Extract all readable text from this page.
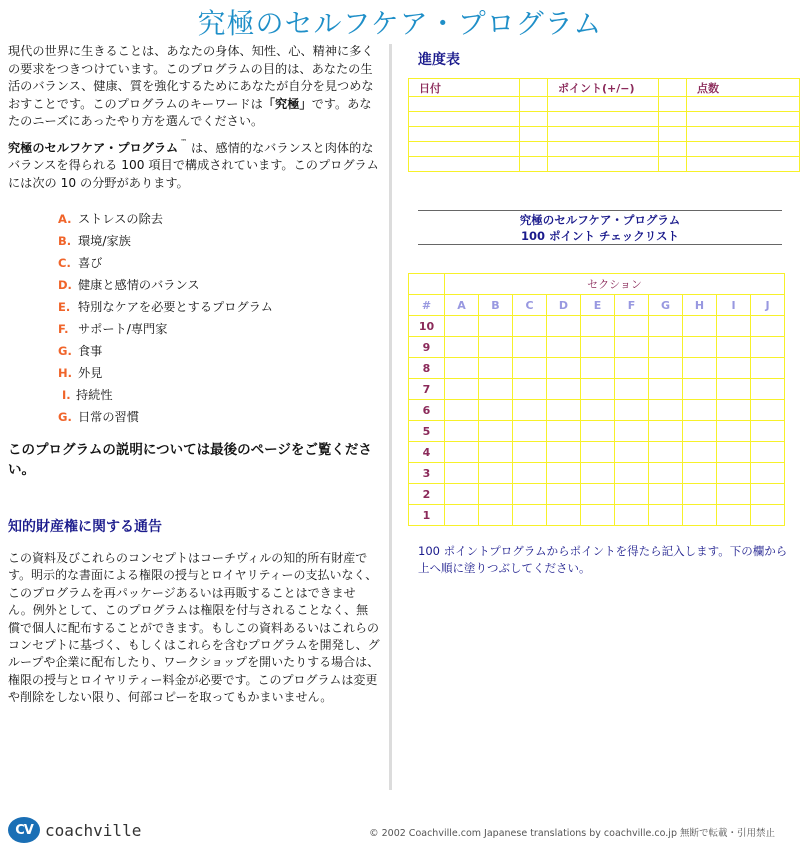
究極のセルフケア・プログラム

現代の世界に生きることは、あなたの身体、知性、心、精神に多くの要求をつきつけています。このプログラムの目的は、あなたの生活のバランス、健康、質を強化するためにあなたが自分を見つめなおすことです。このプログラムのキーワードは「究極」です。あなたのニーズにあったやり方を選んでください。

究極のセルフケア・プログラム ™ は、感情的なバランスと肉体的なバランスを得られる 100 項目で構成されています。このプログラムには次の 10 の分野があります。

A. ストレスの除去
B. 環境/家族
C. 喜び
D. 健康と感情のバランス
E. 特別なケアを必要とするプログラム
F. サポート/専門家
G. 食事
H. 外見
I. 持続性
G. 日常の習慣

このプログラムの説明については最後のページをご覧ください。

知的財産権に関する通告

この資料及びこれらのコンセプトはコーチヴィルの知的所有財産です。明示的な書面による権限の授与とロイヤリティーの支払いなく、このプログラムを再パッケージあるいは再販することはできません。例外として、このプログラムは権限を付与されることなく、無償で個人に配布することができます。もしこの資料あるいはこれらのコンセプトに基づく、もしくはこれらを含むプログラムを開発し、グループや企業に配布したり、ワークショップを開いたりする場合は、権限の授与とロイヤリティー料金が必要です。このプログラムは変更や削除をしない限り、何部コピーを取ってもかまいません。

進度表
日付		ポイント(+/−)		点数

究極のセルフケア・プログラム
100 ポイント チェックリスト
	セクション									
#	A	B	C	D	E	F	G	H	I	J
10										
9										
8										
7										
6										
5										
4										
3										
2										
1										
100 ポイントプログラムからポイントを得たら記入します。下の欄から上へ順に塗りつぶしてください。
CV coachville	© 2002 Coachville.com Japanese translations by coachville.co.jp 無断で転載・引用禁止
